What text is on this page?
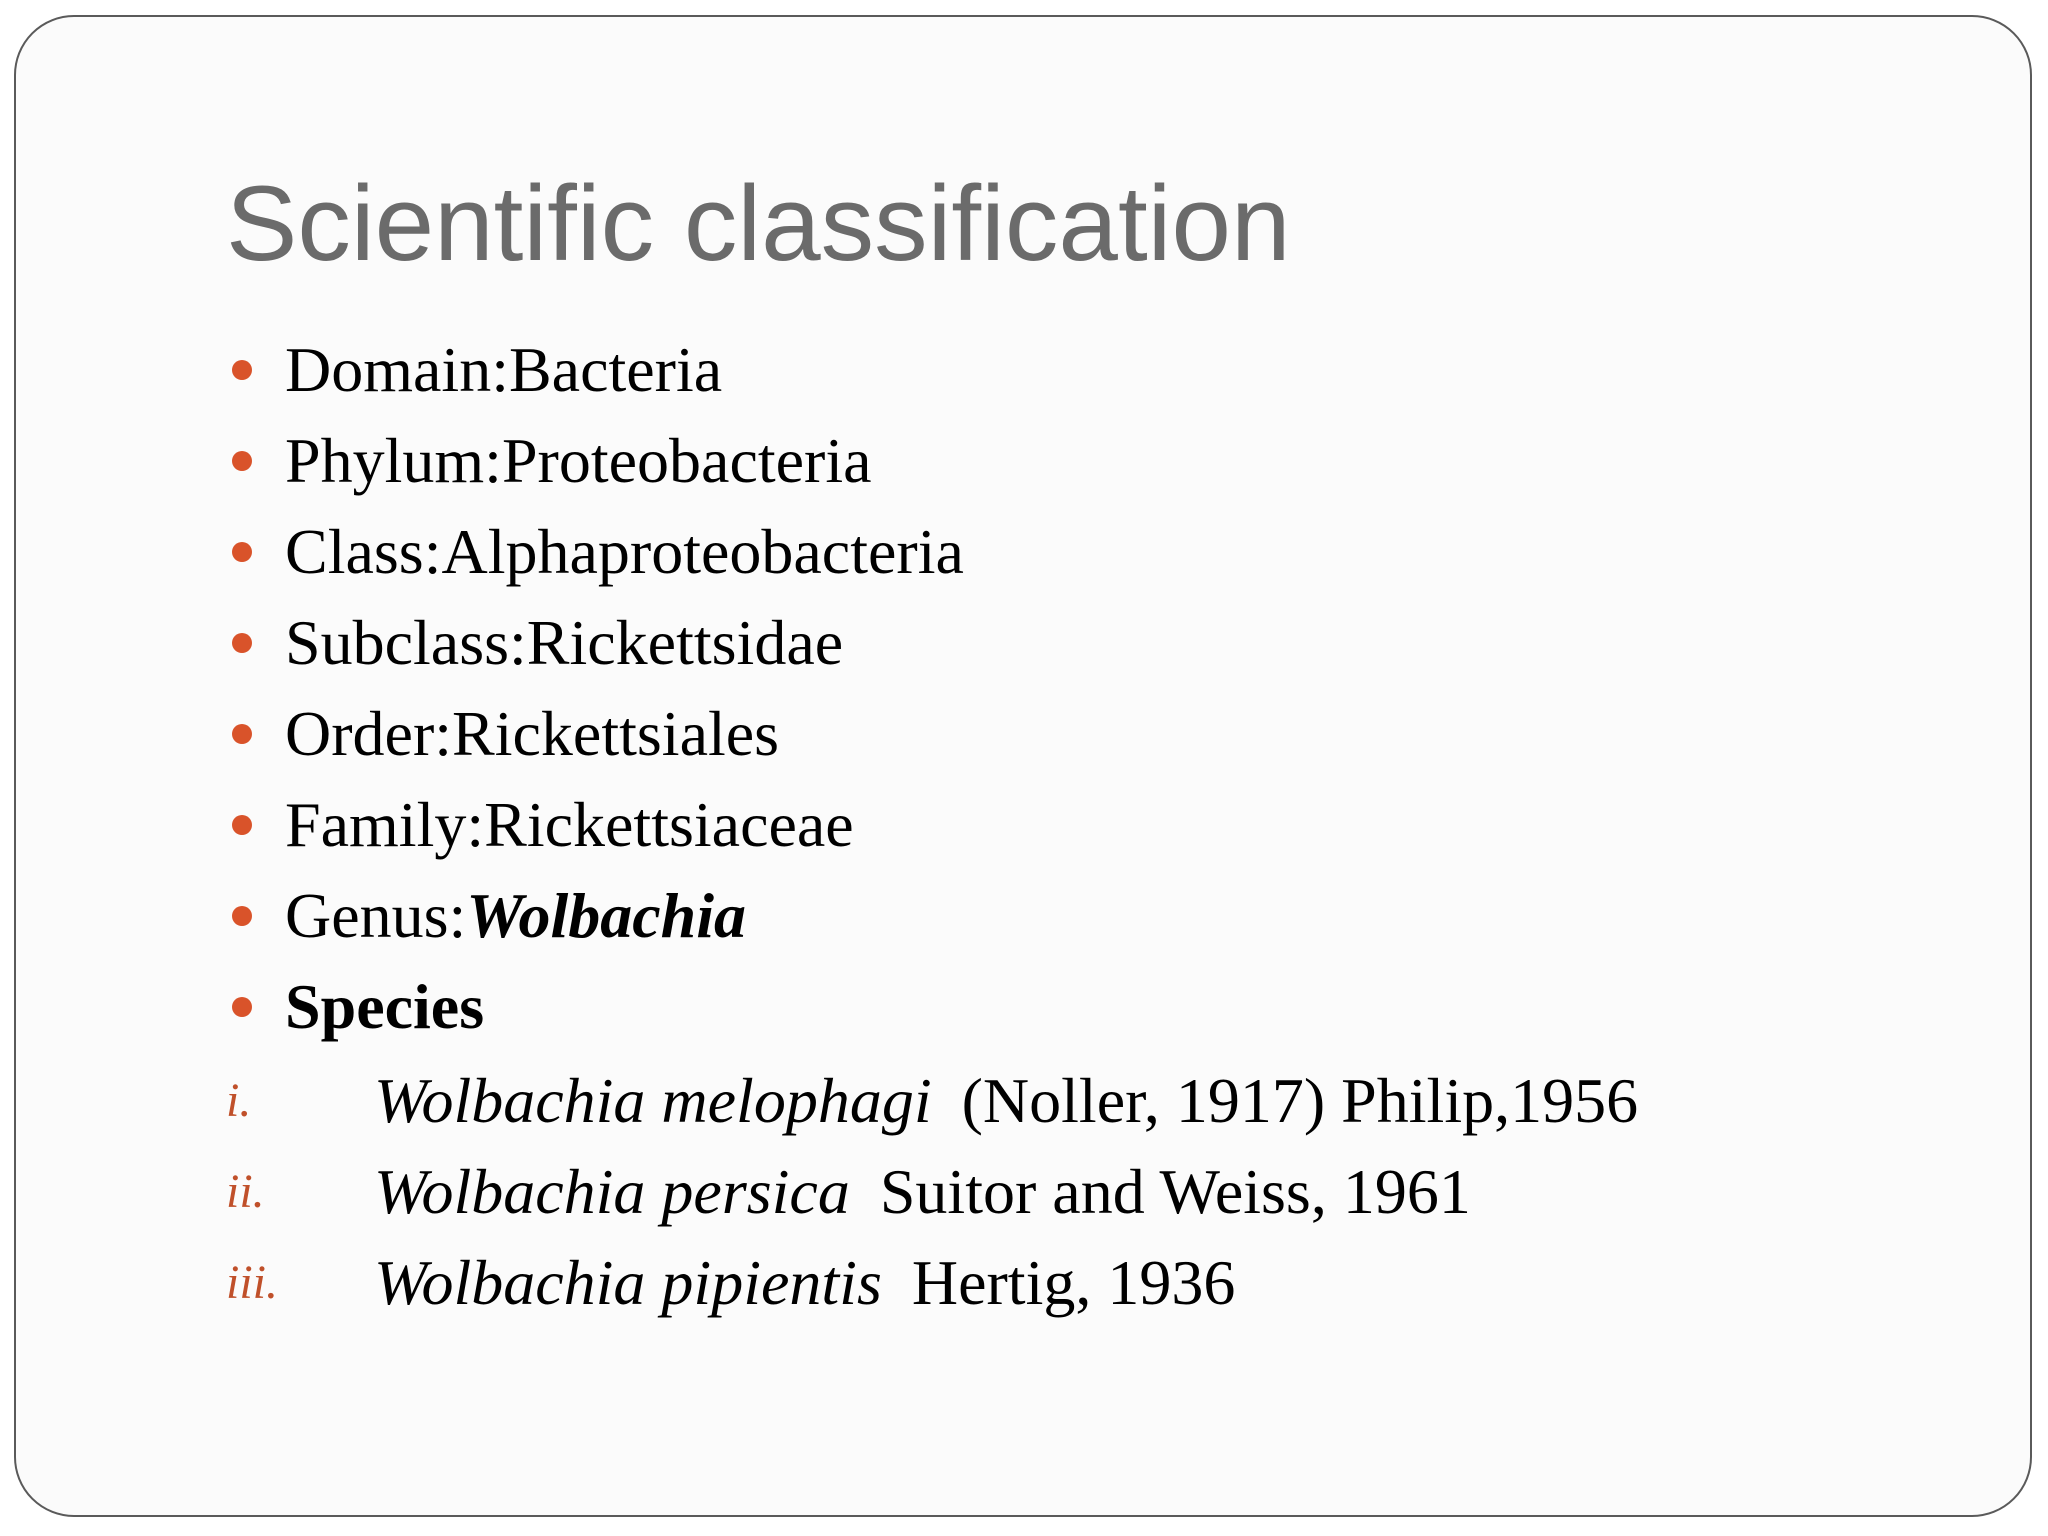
Scientific classification
Domain: Bacteria
Phylum: Proteobacteria
Class: Alphaproteobacteria
Subclass: Rickettsidae
Order: Rickettsiales
Family: Rickettsiaceae
Genus: Wolbachia
Species
i.	Wolbachia melophagi (Noller, 1917) Philip,1956
ii.	Wolbachia persica Suitor and Weiss, 1961
iii.	Wolbachia pipientis Hertig, 1936
